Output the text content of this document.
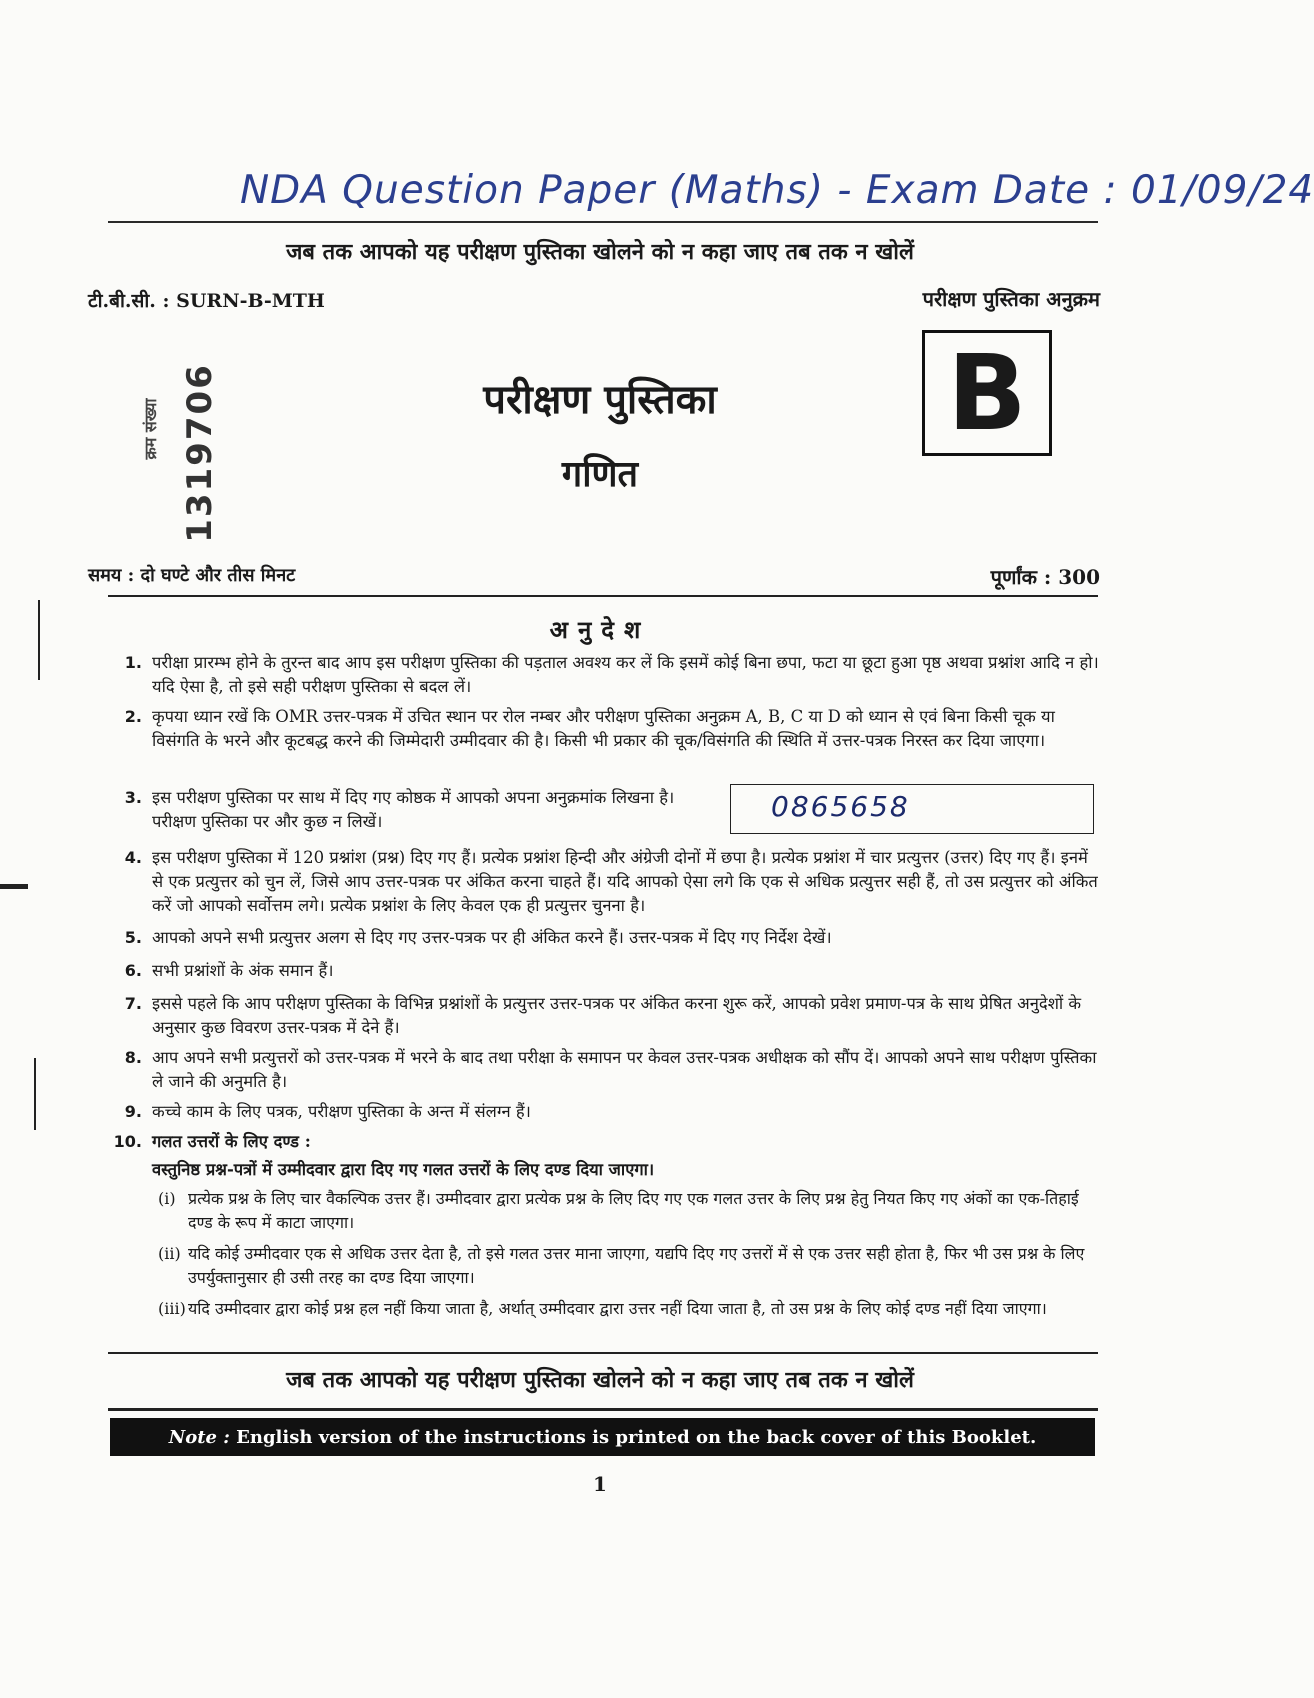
NDA Question Paper (Maths) - Exam Date : 01/09/24
जब तक आपको यह परीक्षण पुस्तिका खोलने को न कहा जाए तब तक न खोलें
टी.बी.सी. : SURN-B-MTH	परीक्षण पुस्तिका अनुक्रम
क्रम संख्या 1319706	परीक्षण पुस्तिका
गणित
B
समय : दो घण्टे और तीस मिनट	पूर्णांक : 300
अनुदेश
1. परीक्षा प्रारम्भ होने के तुरन्त बाद आप इस परीक्षण पुस्तिका की पड़ताल अवश्य कर लें कि इसमें कोई बिना छपा, फटा या छूटा हुआ पृष्ठ अथवा प्रश्नांश आदि न हो। यदि ऐसा है, तो इसे सही परीक्षण पुस्तिका से बदल लें।
2. कृपया ध्यान रखें कि OMR उत्तर-पत्रक में उचित स्थान पर रोल नम्बर और परीक्षण पुस्तिका अनुक्रम A, B, C या D को ध्यान से एवं बिना किसी चूक या विसंगति के भरने और कूटबद्ध करने की जिम्मेदारी उम्मीदवार की है। किसी भी प्रकार की चूक/विसंगति की स्थिति में उत्तर-पत्रक निरस्त कर दिया जाएगा।
3. इस परीक्षण पुस्तिका पर साथ में दिए गए कोष्ठक में आपको अपना अनुक्रमांक लिखना है। परीक्षण पुस्तिका पर और कुछ न लिखें।	0865658
4. इस परीक्षण पुस्तिका में 120 प्रश्नांश (प्रश्न) दिए गए हैं। प्रत्येक प्रश्नांश हिन्दी और अंग्रेजी दोनों में छपा है। प्रत्येक प्रश्नांश में चार प्रत्युत्तर (उत्तर) दिए गए हैं। इनमें से एक प्रत्युत्तर को चुन लें, जिसे आप उत्तर-पत्रक पर अंकित करना चाहते हैं। यदि आपको ऐसा लगे कि एक से अधिक प्रत्युत्तर सही हैं, तो उस प्रत्युत्तर को अंकित करें जो आपको सर्वोत्तम लगे। प्रत्येक प्रश्नांश के लिए केवल एक ही प्रत्युत्तर चुनना है।
5. आपको अपने सभी प्रत्युत्तर अलग से दिए गए उत्तर-पत्रक पर ही अंकित करने हैं। उत्तर-पत्रक में दिए गए निर्देश देखें।
6. सभी प्रश्नांशों के अंक समान हैं।
7. इससे पहले कि आप परीक्षण पुस्तिका के विभिन्न प्रश्नांशों के प्रत्युत्तर उत्तर-पत्रक पर अंकित करना शुरू करें, आपको प्रवेश प्रमाण-पत्र के साथ प्रेषित अनुदेशों के अनुसार कुछ विवरण उत्तर-पत्रक में देने हैं।
8. आप अपने सभी प्रत्युत्तरों को उत्तर-पत्रक में भरने के बाद तथा परीक्षा के समापन पर केवल उत्तर-पत्रक अधीक्षक को सौंप दें। आपको अपने साथ परीक्षण पुस्तिका ले जाने की अनुमति है।
9. कच्चे काम के लिए पत्रक, परीक्षण पुस्तिका के अन्त में संलग्न हैं।
10. गलत उत्तरों के लिए दण्ड :
वस्तुनिष्ठ प्रश्न-पत्रों में उम्मीदवार द्वारा दिए गए गलत उत्तरों के लिए दण्ड दिया जाएगा।
(i) प्रत्येक प्रश्न के लिए चार वैकल्पिक उत्तर हैं। उम्मीदवार द्वारा प्रत्येक प्रश्न के लिए दिए गए एक गलत उत्तर के लिए प्रश्न हेतु नियत किए गए अंकों का एक-तिहाई दण्ड के रूप में काटा जाएगा।
(ii) यदि कोई उम्मीदवार एक से अधिक उत्तर देता है, तो इसे गलत उत्तर माना जाएगा, यद्यपि दिए गए उत्तरों में से एक उत्तर सही होता है, फिर भी उस प्रश्न के लिए उपर्युक्तानुसार ही उसी तरह का दण्ड दिया जाएगा।
(iii) यदि उम्मीदवार द्वारा कोई प्रश्न हल नहीं किया जाता है, अर्थात् उम्मीदवार द्वारा उत्तर नहीं दिया जाता है, तो उस प्रश्न के लिए कोई दण्ड नहीं दिया जाएगा।
जब तक आपको यह परीक्षण पुस्तिका खोलने को न कहा जाए तब तक न खोलें
Note :
English version of the instructions is printed on the back cover of this Booklet.
1
